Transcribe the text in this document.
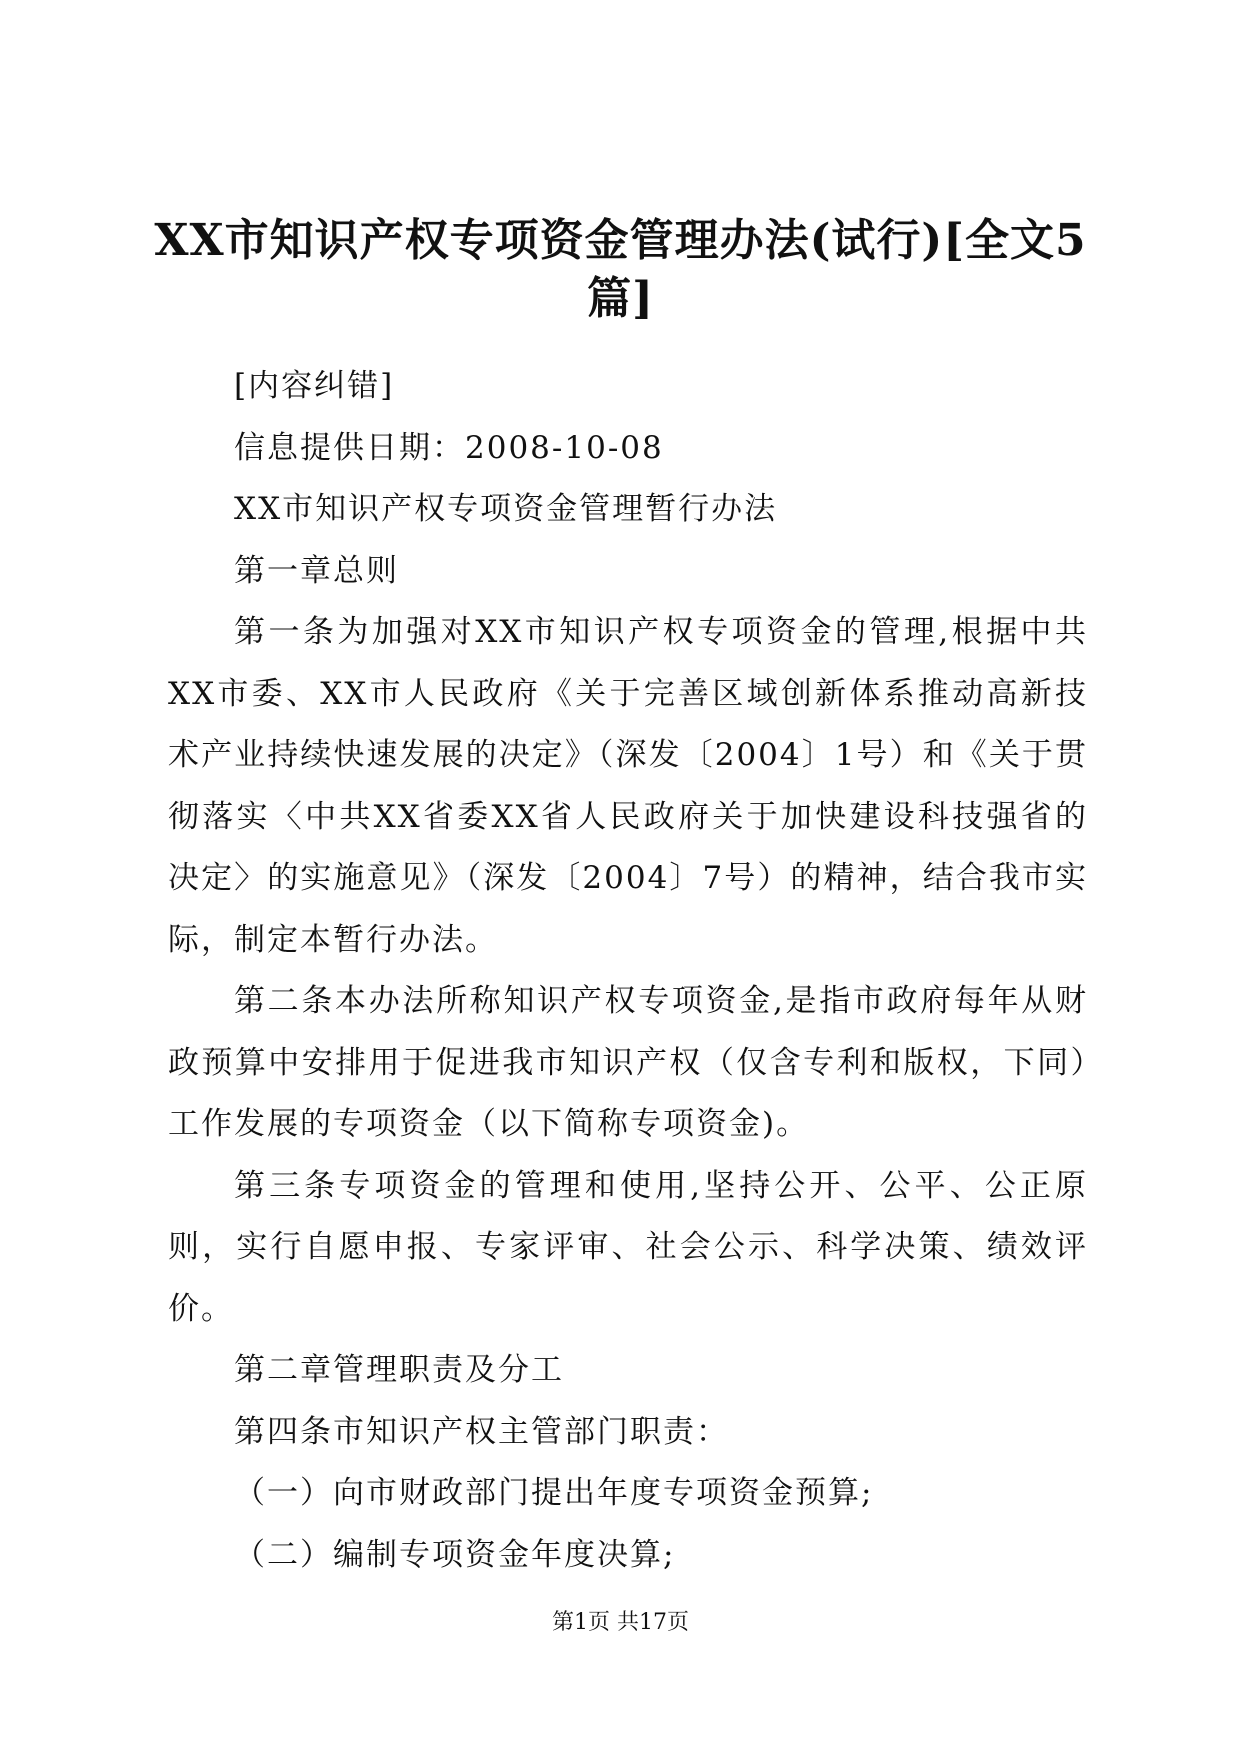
XX市知识产权专项资金管理办法(试行)[全文5篇]

[内容纠错]

信息提供日期：2008-10-08

XX市知识产权专项资金管理暂行办法

第一章总则

第一条为加强对XX市知识产权专项资金的管理,根据中共XX市委、XX市人民政府《关于完善区域创新体系推动高新技术产业持续快速发展的决定》（深发〔2004〕1号）和《关于贯彻落实〈中共XX省委XX省人民政府关于加快建设科技强省的决定〉的实施意见》（深发〔2004〕7号）的精神，结合我市实际，制定本暂行办法。

第二条本办法所称知识产权专项资金,是指市政府每年从财政预算中安排用于促进我市知识产权（仅含专利和版权，下同）工作发展的专项资金（以下简称专项资金)。

第三条专项资金的管理和使用,坚持公开、公平、公正原则，实行自愿申报、专家评审、社会公示、科学决策、绩效评价。

第二章管理职责及分工

第四条市知识产权主管部门职责：

（一）向市财政部门提出年度专项资金预算;

（二）编制专项资金年度决算;

第1页 共17页
